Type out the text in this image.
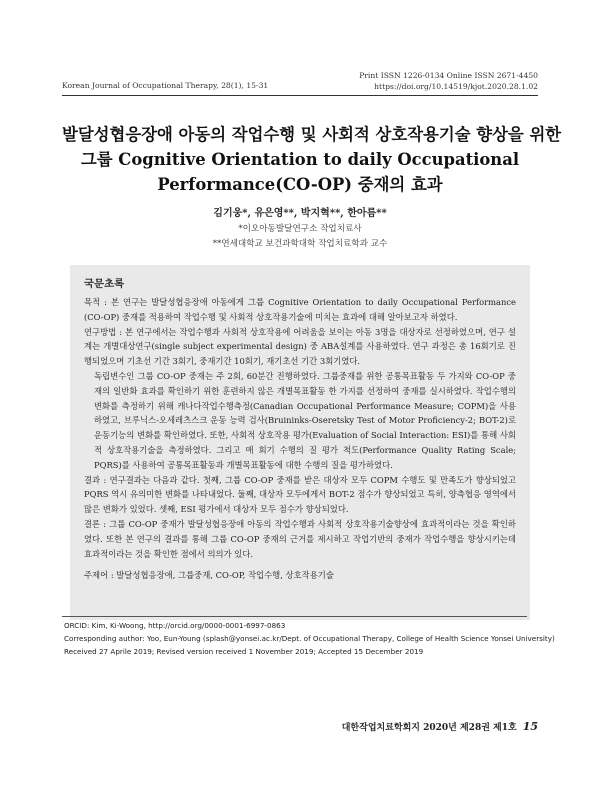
Print ISSN 1226-0134 Online ISSN 2671-4450
https://doi.org/10.14519/kjot.2020.28.1.02
Korean Journal of Occupational Therapy, 28(1), 15-31
발달성협응장애 아동의 작업수행 및 사회적 상호작용기술 향상을 위한
그룹 Cognitive Orientation to daily Occupational
Performance(CO-OP) 중재의 효과
김기웅*, 유은영**, 박지혁**, 한아름**
*이오아동발달연구소 작업치료사
**연세대학교 보건과학대학 작업치료학과 교수
국문초록
목적 : 본 연구는 발달성협응장애 아동에게 그룹 Cognitive Orientation to daily Occupational Performance (CO-OP) 중재를 적용하여 작업수행 및 사회적 상호작용기술에 미치는 효과에 대해 알아보고자 하였다.
연구방법 : 본 연구에서는 작업수행과 사회적 상호작용에 어려움을 보이는 아동 3명을 대상자로 선정하였으며, 연구 설계는 개별대상연구(single subject experimental design) 중 ABA설계를 사용하였다. 연구 과정은 총 16회기로 진행되었으며 기초선 기간 3회기, 중재기간 10회기, 재기초선 기간 3회기였다.
독립변수인 그룹 CO-OP 중재는 주 2회, 60분간 진행하였다. 그룹중재를 위한 공통목표활동 두 가지와 CO-OP 중재의 일반화 효과를 확인하기 위한 훈련하지 않은 개별목표활동 한 가지를 선정하여 중재를 실시하였다. 작업수행의 변화를 측정하기 위해 캐나다작업수행측정(Canadian Occupational Performance Measure; COPM)을 사용 하였고, 브루닉스-오세레츠스크 운동 능력 검사(Bruininks-Oseretsky Test of Motor Proficiency-2; BOT-2)로 운동기능의 변화를 확인하였다. 또한, 사회적 상호작용 평가(Evaluation of Social Interaction: ESI)를 통해 사회적 상호작용기술을 측정하였다. 그리고 매 회기 수행의 질 평가 척도(Performance Quality Rating Scale; PQRS)를 사용하여 공통목표활동과 개별목표활동에 대한 수행의 질을 평가하였다.
결과 : 연구결과는 다음과 같다. 첫째, 그룹 CO-OP 중재를 받은 대상자 모두 COPM 수행도 및 만족도가 향상되었고 PQRS 역시 유의미한 변화를 나타내었다. 둘째, 대상자 모두에게서 BOT-2 점수가 향상되었고 특히, 양측협응 영역에서 많은 변화가 있었다. 셋째, ESI 평가에서 대상자 모두 점수가 향상되었다.
결론 : 그룹 CO-OP 중재가 발달성협응장애 아동의 작업수행과 사회적 상호작용기술향상에 효과적이라는 것을 확인하였다. 또한 본 연구의 결과를 통해 그룹 CO-OP 중재의 근거를 제시하고 작업기반의 중재가 작업수행을 향상시키는데 효과적이라는 것을 확인한 점에서 의의가 있다.
주제어 : 발달성협응장애, 그룹중재, CO-OP, 작업수행, 상호작용기술
ORCID: Kim, Ki-Woong, http://orcid.org/0000-0001-6997-0863
Corresponding author: Yoo, Eun-Young (splash@yonsei.ac.kr/Dept. of Occupational Therapy, College of Health Science Yonsei University)
Received 27 Aprile 2019; Revised version received 1 November 2019; Accepted 15 December 2019
대한작업치료학회지 2020년 제28권 제1호 15
